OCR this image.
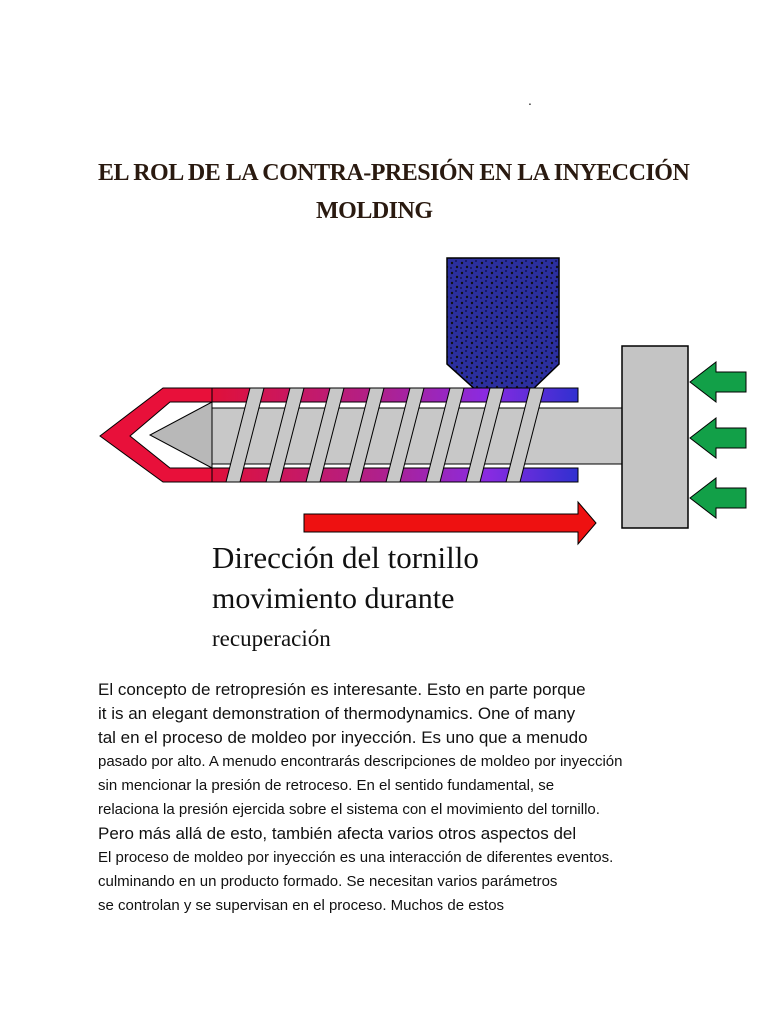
.
EL ROL DE LA CONTRA-PRESIÓN EN LA INYECCIÓN
MOLDING
Dirección del tornillo
movimiento durante
recuperación
El concepto de retropresión es interesante. Esto en parte porque
it is an elegant demonstration of thermodynamics. One of many
tal en el proceso de moldeo por inyección. Es uno que a menudo
pasado por alto. A menudo encontrarás descripciones de moldeo por inyección
sin mencionar la presión de retroceso. En el sentido fundamental, se
relaciona la presión ejercida sobre el sistema con el movimiento del tornillo.
Pero más allá de esto, también afecta varios otros aspectos del
El proceso de moldeo por inyección es una interacción de diferentes eventos.
culminando en un producto formado. Se necesitan varios parámetros
se controlan y se supervisan en el proceso. Muchos de estos
